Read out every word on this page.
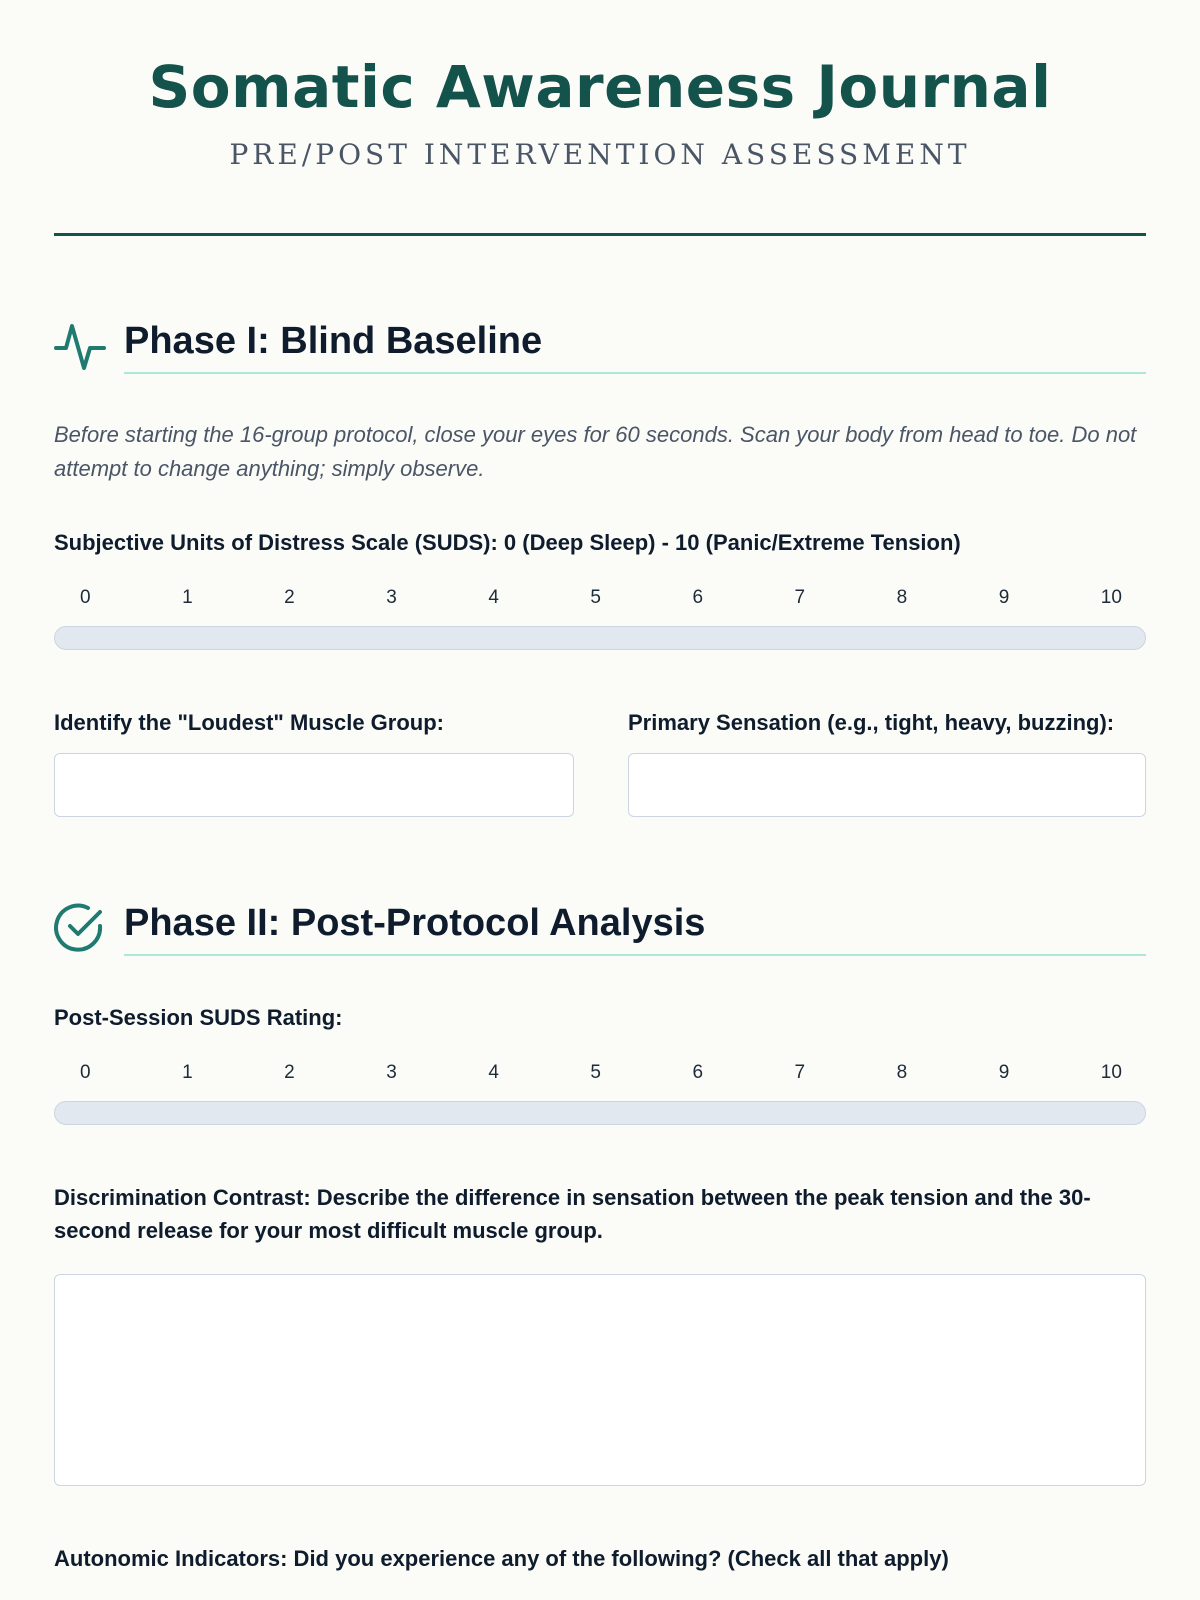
Somatic Awareness Journal
PRE/POST INTERVENTION ASSESSMENT
Phase I: Blind Baseline
Before starting the 16-group protocol, close your eyes for 60 seconds. Scan your body from head to toe. Do not attempt to change anything; simply observe.
Subjective Units of Distress Scale (SUDS): 0 (Deep Sleep) - 10 (Panic/Extreme Tension)
0	1	2	3	4	5	6	7	8	9	10
Identify the "Loudest" Muscle Group:	Primary Sensation (e.g., tight, heavy, buzzing):
Phase II: Post-Protocol Analysis
Post-Session SUDS Rating:
0	1	2	3	4	5	6	7	8	9	10
Discrimination Contrast: Describe the difference in sensation between the peak tension and the 30-second release for your most difficult muscle group.
Autonomic Indicators: Did you experience any of the following? (Check all that apply)
